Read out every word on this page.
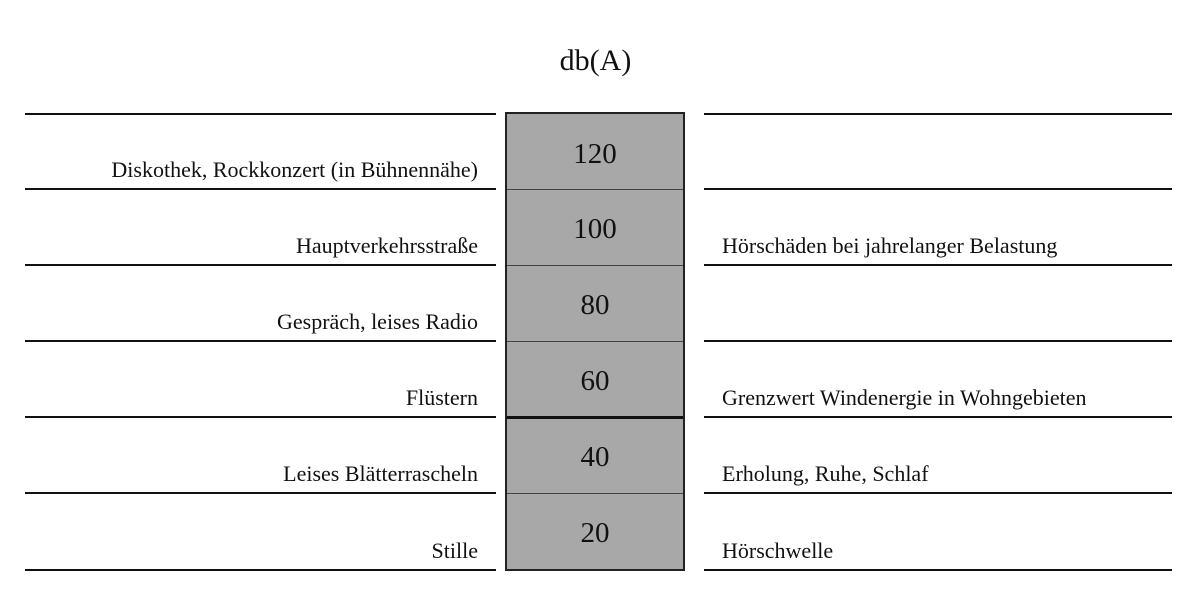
db(A)
120
100
80
60
40
20
Diskothek, Rockkonzert (in Bühnennähe)
Hauptverkehrsstraße
Gespräch, leises Radio
Flüstern
Leises Blätterrascheln
Stille
Hörschäden bei jahrelanger Belastung
Grenzwert Windenergie in Wohngebieten
Erholung, Ruhe, Schlaf
Hörschwelle
